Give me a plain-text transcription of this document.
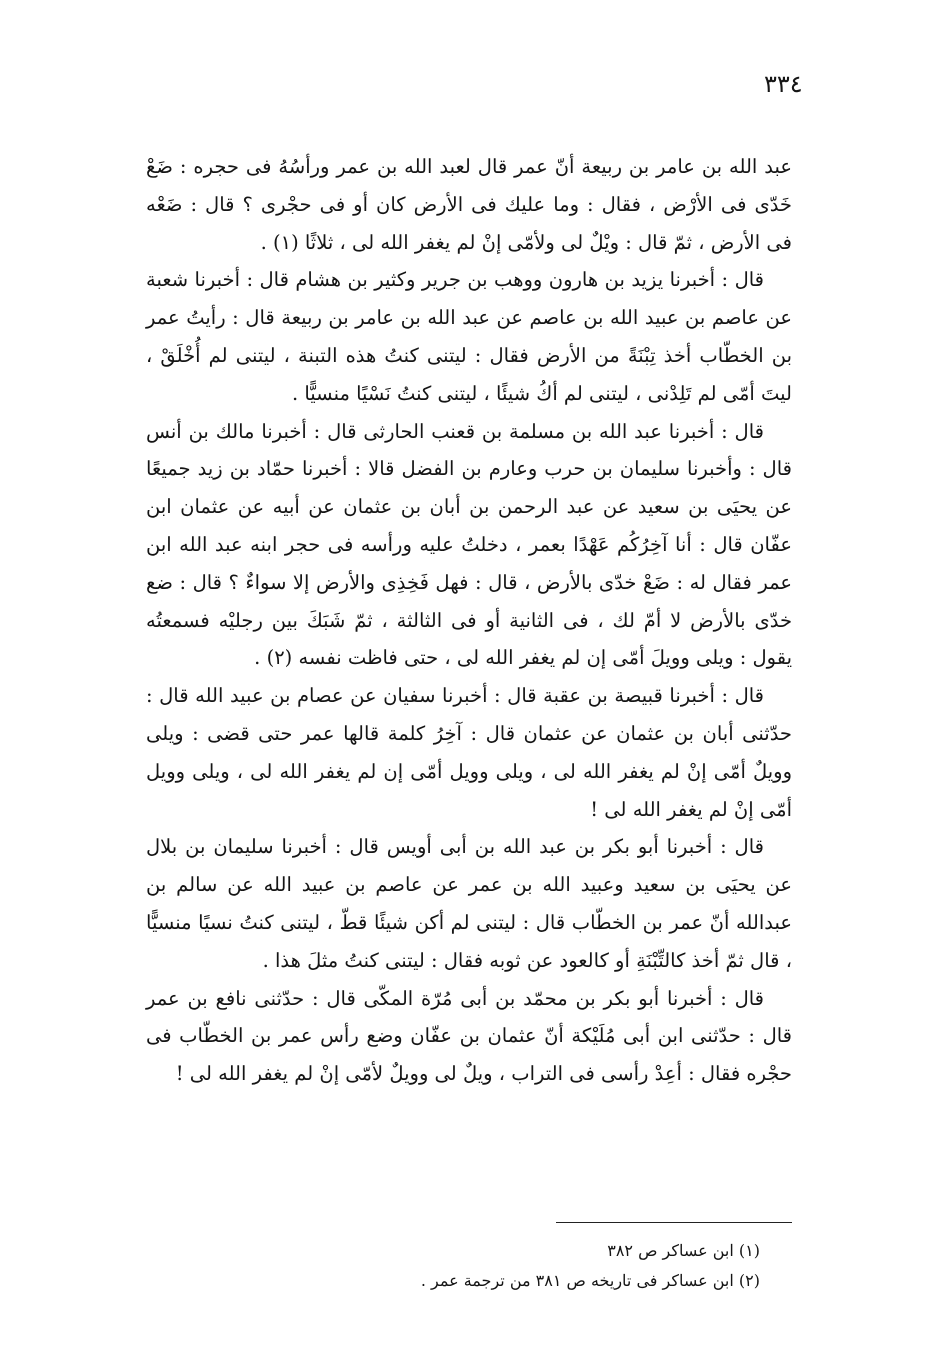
٣٣٤

عبد الله بن عامر بن ربيعة أنّ عمر قال لعبد الله بن عمر ورأسُهُ فى حجره : ضَعْ خَدّى فى الأرْض ، فقال : وما عليك فى الأرض كان أو فى حجْرى ؟ قال : ضَعْه فى الأرض ، ثمّ قال : ويْلٌ لى ولأمّى إنْ لم يغفر الله لى ، ثلاثًا (١) .

قال : أخبرنا يزيد بن هارون ووهب بن جرير وكثير بن هشام قال : أخبرنا شعبة عن عاصم بن عبيد الله بن عاصم عن عبد الله بن عامر بن ربيعة قال : رأيتُ عمر بن الخطّاب أخذ تِبْنَةً من الأرض فقال : ليتنى كنتُ هذه التبنة ، ليتنى لم أُخْلَقْ ، ليتَ أمّى لم تَلِدْنى ، ليتنى لم أكُ شيئًا ، ليتنى كنتُ نَسْيًا منسيًّا .

قال : أخبرنا عبد الله بن مسلمة بن قعنب الحارثى قال : أخبرنا مالك بن أنس قال : وأخبرنا سليمان بن حرب وعارم بن الفضل قالا : أخبرنا حمّاد بن زيد جميعًا عن يحيَى بن سعيد عن عبد الرحمن بن أبان بن عثمان عن أبيه عن عثمان ابن عفّان قال : أنا آخِرُكُم عَهْدًا بعمر ، دخلتُ عليه ورأسه فى حجر ابنه عبد الله ابن عمر فقال له : ضَعْ خدّى بالأرض ، قال : فهل فَخِذِى والأرض إلا سواءٌ ؟ قال : ضع خدّى بالأرض لا أمّ لك ، فى الثانية أو فى الثالثة ، ثمّ شَبَكَ بين رجليْه فسمعتُه يقول : ويلى وويلَ أمّى إن لم يغفر الله لى ، حتى فاظت نفسه (٢) .

قال : أخبرنا قبيصة بن عقبة قال : أخبرنا سفيان عن عصام بن عبيد الله قال : حدّثنى أبان بن عثمان عن عثمان قال : آخِرُ كلمة قالها عمر حتى قضى : ويلى وويلٌ أمّى إنْ لم يغفر الله لى ، ويلى وويل أمّى إن لم يغفر الله لى ، ويلى وويل أمّى إنْ لم يغفر الله لى !

قال : أخبرنا أبو بكر بن عبد الله بن أبى أويس قال : أخبرنا سليمان بن بلال عن يحيَى بن سعيد وعبيد الله بن عمر عن عاصم بن عبيد الله عن سالم بن عبدالله أنّ عمر بن الخطّاب قال : ليتنى لم أكن شيئًا قطّ ، ليتنى كنتُ نسيًا منسيًّا ، قال ثمّ أخذ كالتِّبْنَةِ أو كالعود عن ثوبه فقال : ليتنى كنتُ مثلَ هذا .

قال : أخبرنا أبو بكر بن محمّد بن أبى مُرّة المكّى قال : حدّثنى نافع بن عمر قال : حدّثنى ابن أبى مُلَيْكة أنّ عثمان بن عفّان وضع رأس عمر بن الخطّاب فى حجْره فقال : أعِدْ رأسى فى التراب ، ويلٌ لى وويلٌ لأمّى إنْ لم يغفر الله لى !

(١) ابن عساكر ص ٣٨٢

(٢) ابن عساكر فى تاريخه ص ٣٨١ من ترجمة عمر .
